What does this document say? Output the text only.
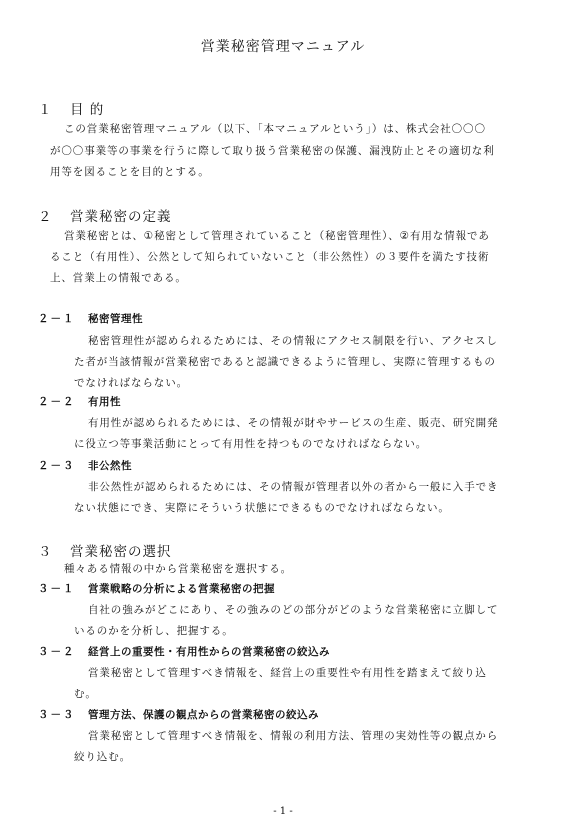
営業秘密管理マニュアル
１ 目 的
この営業秘密管理マニュアル（以下、「本マニュアルという」）は、株式会社〇〇〇
が〇〇事業等の事業を行うに際して取り扱う営業秘密の保護、漏洩防止とその適切な利
用等を図ることを目的とする。
２ 営業秘密の定義
営業秘密とは、①秘密として管理されていること（秘密管理性）、②有用な情報であ
ること（有用性）、公然として知られていないこと（非公然性）の３要件を満たす技術
上、営業上の情報である。
２－１ 秘密管理性
秘密管理性が認められるためには、その情報にアクセス制限を行い、アクセスし
た者が当該情報が営業秘密であると認識できるように管理し、実際に管理するもの
でなければならない。
２－２ 有用性
有用性が認められるためには、その情報が財やサービスの生産、販売、研究開発
に役立つ等事業活動にとって有用性を持つものでなければならない。
２－３ 非公然性
非公然性が認められるためには、その情報が管理者以外の者から一般に入手でき
ない状態にでき、実際にそういう状態にできるものでなければならない。
３ 営業秘密の選択
種々ある情報の中から営業秘密を選択する。
３－１ 営業戦略の分析による営業秘密の把握
自社の強みがどこにあり、その強みのどの部分がどのような営業秘密に立脚して
いるのかを分析し、把握する。
３－２ 経営上の重要性・有用性からの営業秘密の絞込み
営業秘密として管理すべき情報を、経営上の重要性や有用性を踏まえて絞り込
む。
３－３ 管理方法、保護の観点からの営業秘密の絞込み
営業秘密として管理すべき情報を、情報の利用方法、管理の実効性等の観点から
絞り込む。
- 1 -
